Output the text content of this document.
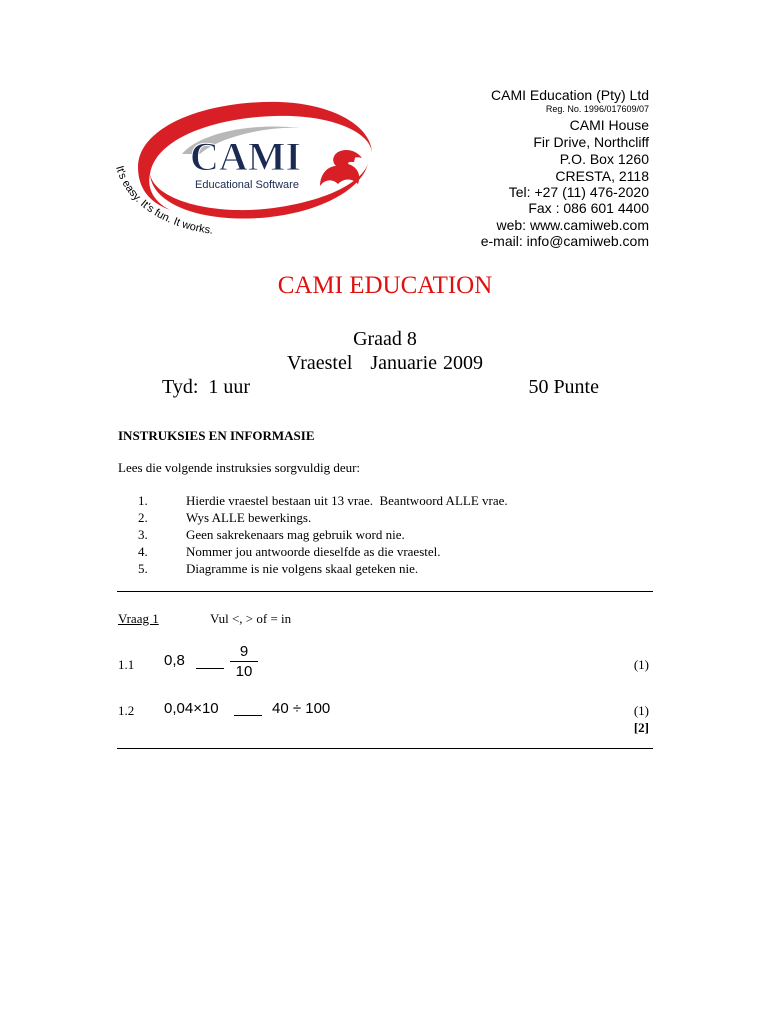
CAMI
Educational Software
It's easy. It's fun. It works.
CAMI Education (Pty) Ltd
Reg. No. 1996/017609/07
CAMI House
Fir Drive, Northcliff
P.O. Box 1260
CRESTA, 2118
Tel: +27 (11) 476-2020
Fax : 086 601 4400
web: www.camiweb.com
e-mail: info@camiweb.com
CAMI EDUCATION
Graad 8
Vraestel   Januarie 2009
Tyd:  1 uur	50 Punte
INSTRUKSIES EN INFORMASIE
Lees die volgende instruksies sorgvuldig deur:
1.	Hierdie vraestel bestaan uit 13 vrae.  Beantwoord ALLE vrae.
2.	Wys ALLE bewerkings.
3.	Geen sakrekenaars mag gebruik word nie.
4.	Nommer jou antwoorde dieselfde as die vraestel.
5.	Diagramme is nie volgens skaal geteken nie.
Vraag 1	Vul <, > of = in
1.1 0,8
9
10	(1)
1.2 0,04×10	40 ÷ 100	(1)
[2]
